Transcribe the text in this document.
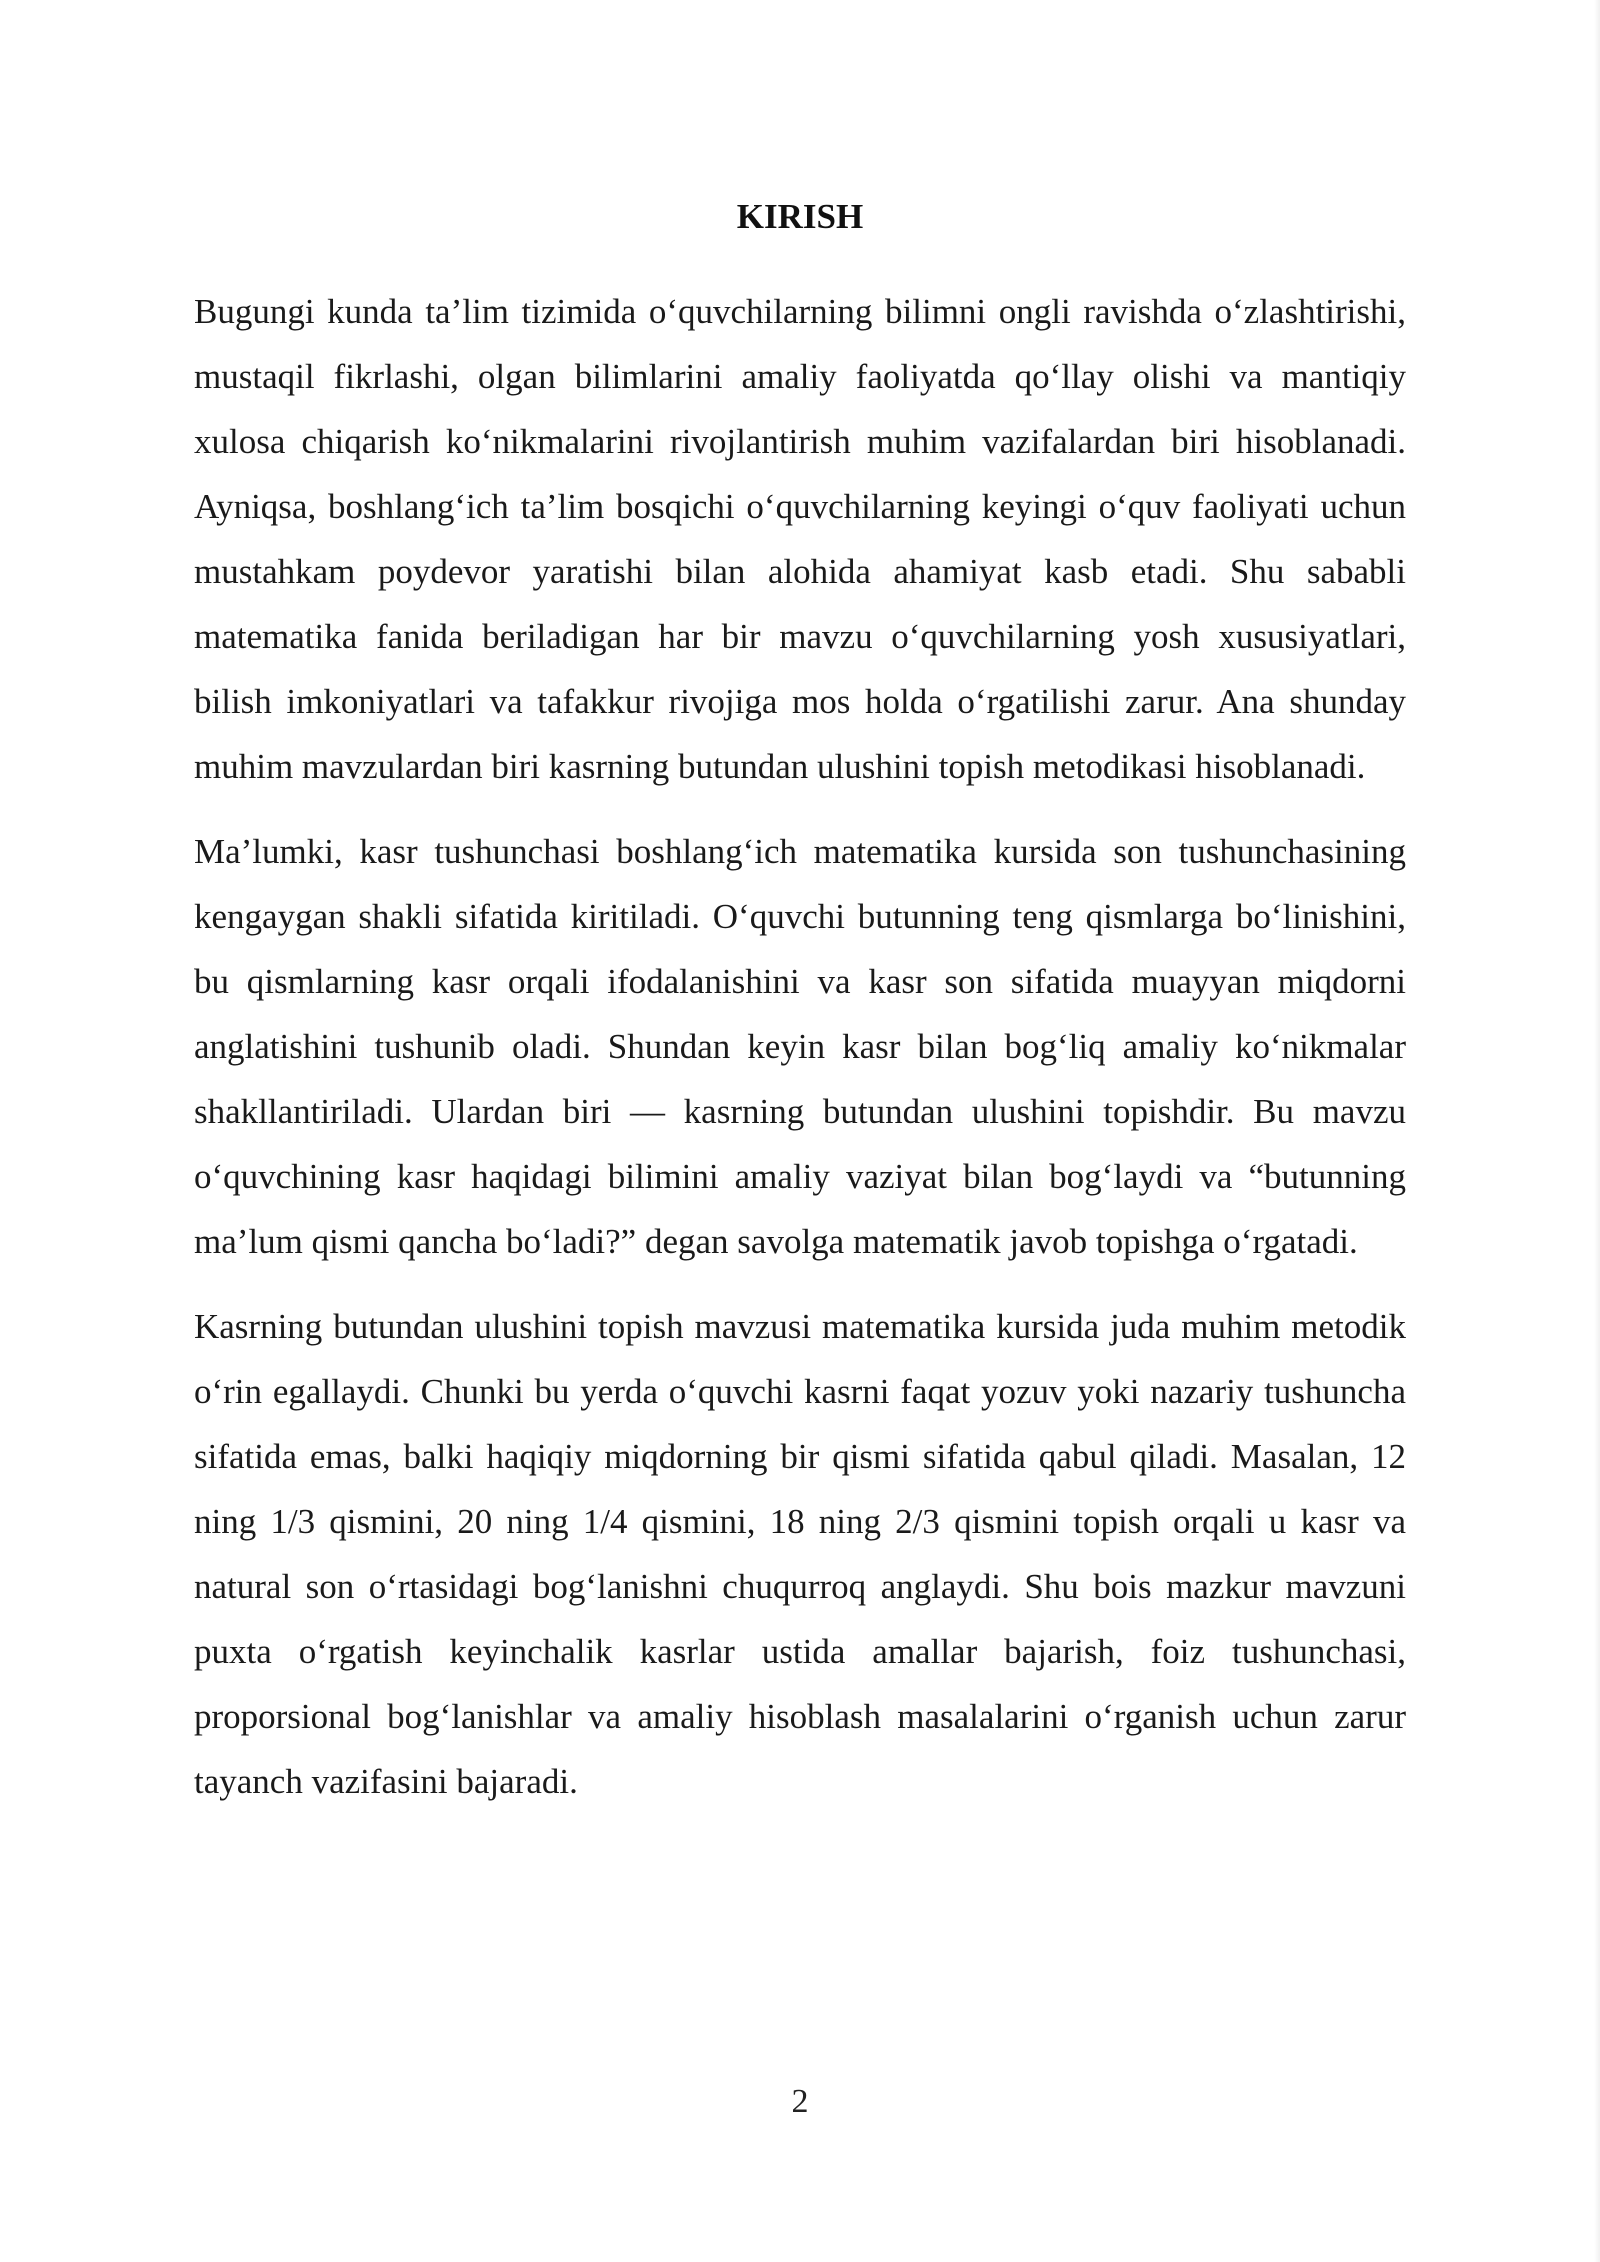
KIRISH

Bugungi kunda ta’lim tizimida o‘quvchilarning bilimni ongli ravishda o‘zlashtirishi, mustaqil fikrlashi, olgan bilimlarini amaliy faoliyatda qo‘llay olishi va mantiqiy xulosa chiqarish ko‘nikmalarini rivojlantirish muhim vazifalardan biri hisoblanadi. Ayniqsa, boshlang‘ich ta’lim bosqichi o‘quvchilarning keyingi o‘quv faoliyati uchun mustahkam poydevor yaratishi bilan alohida ahamiyat kasb etadi. Shu sababli matematika fanida beriladigan har bir mavzu o‘quvchilarning yosh xususiyatlari, bilish imkoniyatlari va tafakkur rivojiga mos holda o‘rgatilishi zarur. Ana shunday muhim mavzulardan biri kasrning butundan ulushini topish metodikasi hisoblanadi.

Ma’lumki, kasr tushunchasi boshlang‘ich matematika kursida son tushunchasining kengaygan shakli sifatida kiritiladi. O‘quvchi butunning teng qismlarga bo‘linishini, bu qismlarning kasr orqali ifodalanishini va kasr son sifatida muayyan miqdorni anglatishini tushunib oladi. Shundan keyin kasr bilan bog‘liq amaliy ko‘nikmalar shakllantiriladi. Ulardan biri — kasrning butundan ulushini topishdir. Bu mavzu o‘quvchining kasr haqidagi bilimini amaliy vaziyat bilan bog‘laydi va “butunning ma’lum qismi qancha bo‘ladi?” degan savolga matematik javob topishga o‘rgatadi.

Kasrning butundan ulushini topish mavzusi matematika kursida juda muhim metodik o‘rin egallaydi. Chunki bu yerda o‘quvchi kasrni faqat yozuv yoki nazariy tushuncha sifatida emas, balki haqiqiy miqdorning bir qismi sifatida qabul qiladi. Masalan, 12 ning 1/3 qismini, 20 ning 1/4 qismini, 18 ning 2/3 qismini topish orqali u kasr va natural son o‘rtasidagi bog‘lanishni chuqurroq anglaydi. Shu bois mazkur mavzuni puxta o‘rgatish keyinchalik kasrlar ustida amallar bajarish, foiz tushunchasi, proporsional bog‘lanishlar va amaliy hisoblash masalalarini o‘rganish uchun zarur tayanch vazifasini bajaradi.

2
